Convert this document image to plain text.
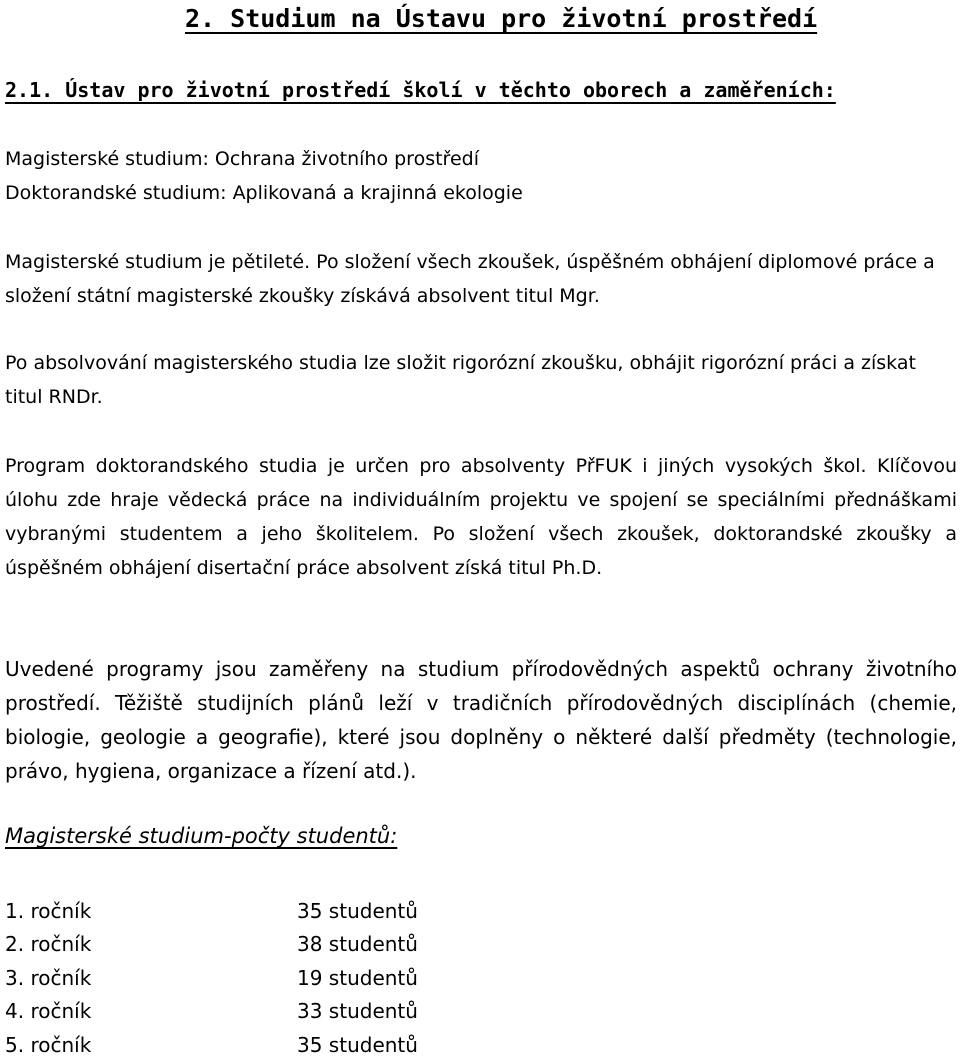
2. Studium na Ústavu pro životní prostředí
2.1. Ústav pro životní prostředí školí v těchto oborech a zaměřeních:
Magisterské studium: Ochrana životního prostředí
Doktorandské studium: Aplikovaná a krajinná ekologie

Magisterské studium je pětileté. Po složení všech zkoušek, úspěšném obhájení diplomové práce a složení státní magisterské zkoušky získává absolvent titul Mgr.

Po absolvování magisterského studia lze složit rigorózní zkoušku, obhájit rigorózní práci a získat titul RNDr.

Program doktorandského studia je určen pro absolventy PřFUK i jiných vysokých škol. Klíčovou úlohu zde hraje vědecká práce na individuálním projektu ve spojení se speciálními přednáškami vybranými studentem a jeho školitelem. Po složení všech zkoušek, doktorandské zkoušky a úspěšném obhájení disertační práce absolvent získá titul Ph.D.

Uvedené programy jsou zaměřeny na studium přírodovědných aspektů ochrany životního prostředí. Těžiště studijních plánů leží v tradičních přírodovědných disciplínách (chemie, biologie, geologie a geografie), které jsou doplněny o některé další předměty (technologie, právo, hygiena, organizace a řízení atd.).

Magisterské studium-počty studentů:
1. ročník	35 studentů
2. ročník	38 studentů
3. ročník	19 studentů
4. ročník	33 studentů
5. ročník	35 studentů
